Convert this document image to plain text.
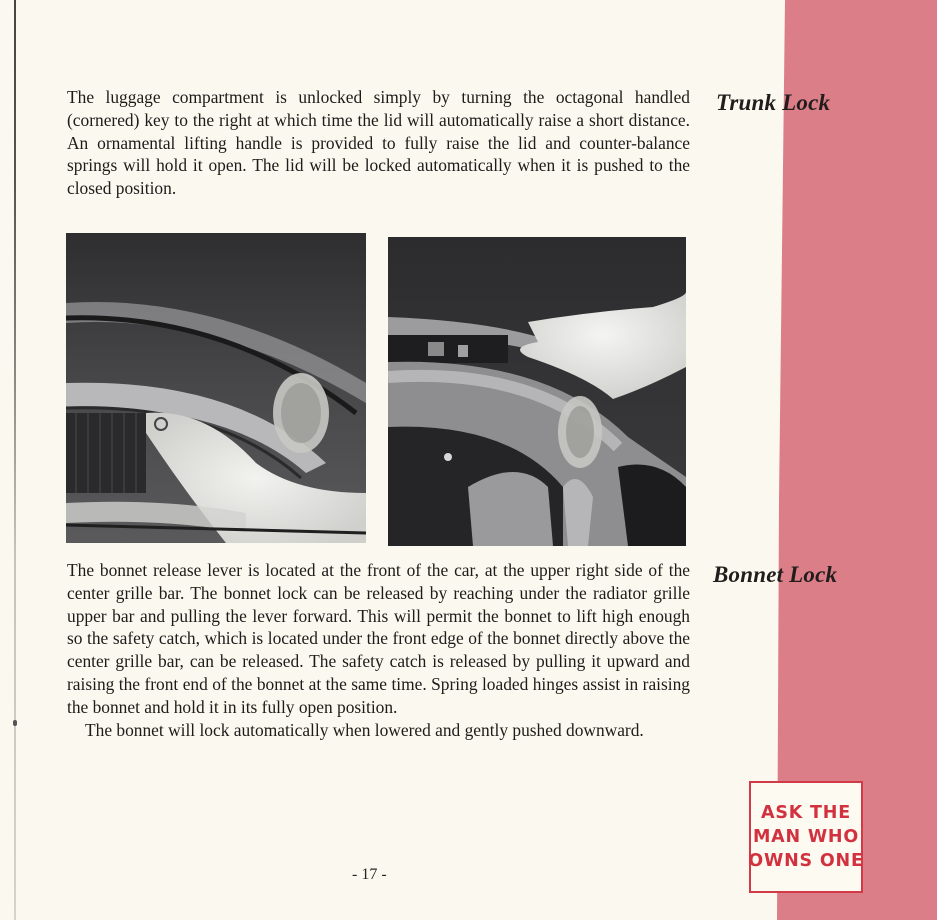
The luggage compartment is unlocked simply by turning the octagonal handled (cornered) key to the right at which time the lid will automatically raise a short distance. An ornamental lifting handle is provided to fully raise the lid and counter-balance springs will hold it open. The lid will be locked automatically when it is pushed to the closed position.

Trunk Lock

The bonnet release lever is located at the front of the car, at the upper right side of the center grille bar. The bonnet lock can be released by reaching under the radiator grille upper bar and pulling the lever forward. This will permit the bonnet to lift high enough so the safety catch, which is located under the front edge of the bonnet directly above the center grille bar, can be released. The safety catch is released by pulling it upward and raising the front end of the bonnet at the same time. Spring loaded hinges assist in raising the bonnet and hold it in its fully open position.

The bonnet will lock automatically when lowered and gently pushed downward.

Bonnet Lock
- 17 -
ASK THE
MAN WHO
OWNS ONE
